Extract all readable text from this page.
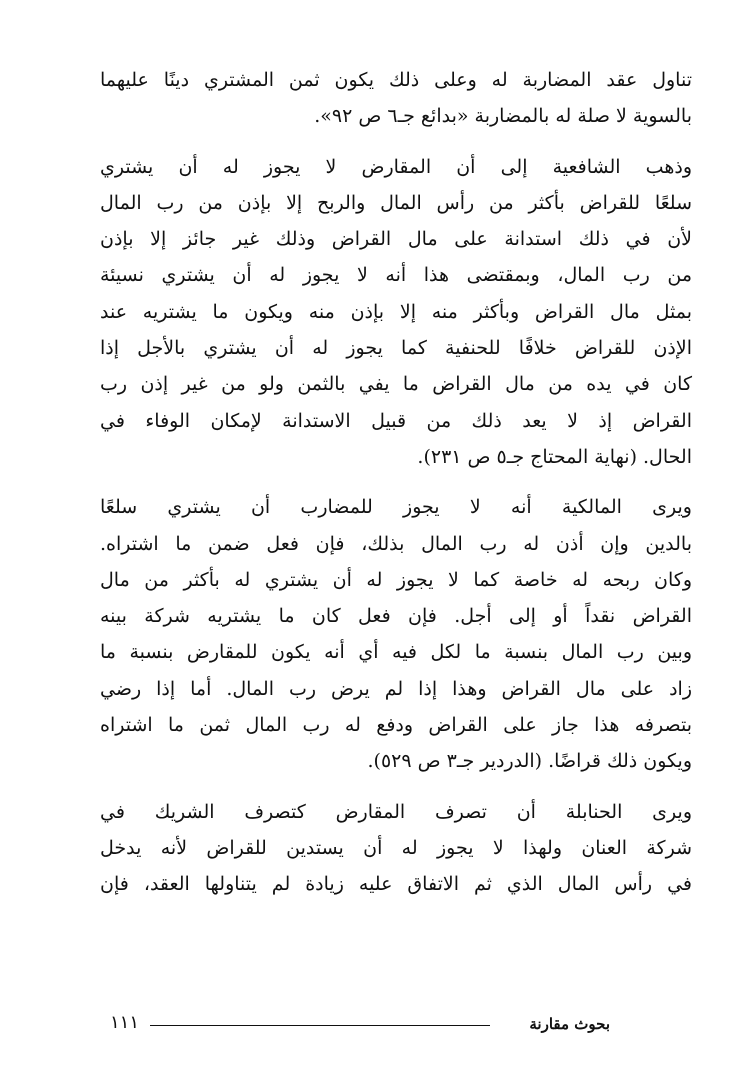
تناول عقد المضاربة له وعلى ذلك يكون ثمن المشتري دينًا عليهما
بالسوية لا صلة له بالمضاربة «بدائع جـ٦ ص ٩٢».

وذهب الشافعية إلى أن المقارض لا يجوز له أن يشتري
سلعًا للقراض بأكثر من رأس المال والربح إلا بإذن من رب المال
لأن في ذلك استدانة على مال القراض وذلك غير جائز إلا بإذن
من رب المال، وبمقتضى هذا أنه لا يجوز له أن يشتري نسيئة
بمثل مال القراض وبأكثر منه إلا بإذن منه ويكون ما يشتريه عند
الإذن للقراض خلافًا للحنفية كما يجوز له أن يشتري بالأجل إذا
كان في يده من مال القراض ما يفي بالثمن ولو من غير إذن رب
القراض إذ لا يعد ذلك من قبيل الاستدانة لإمكان الوفاء في
الحال. (نهاية المحتاج جـ٥ ص ٢٣١).

ويرى المالكية أنه لا يجوز للمضارب أن يشتري سلعًا
بالدين وإن أذن له رب المال بذلك، فإن فعل ضمن ما اشتراه.
وكان ربحه له خاصة كما لا يجوز له أن يشتري له بأكثر من مال
القراض نقداً أو إلى أجل. فإن فعل كان ما يشتريه شركة بينه
وبين رب المال بنسبة ما لكل فيه أي أنه يكون للمقارض بنسبة ما
زاد على مال القراض وهذا إذا لم يرض رب المال. أما إذا رضي
بتصرفه هذا جاز على القراض ودفع له رب المال ثمن ما اشتراه
ويكون ذلك قراضًا. (الدردير جـ٣ ص ٥٢٩).

ويرى الحنابلة أن تصرف المقارض كتصرف الشريك في
شركة العنان ولهذا لا يجوز له أن يستدين للقراض لأنه يدخل
في رأس المال الذي ثم الاتفاق عليه زيادة لم يتناولها العقد، فإن

بحوث مقارنة
١١١
